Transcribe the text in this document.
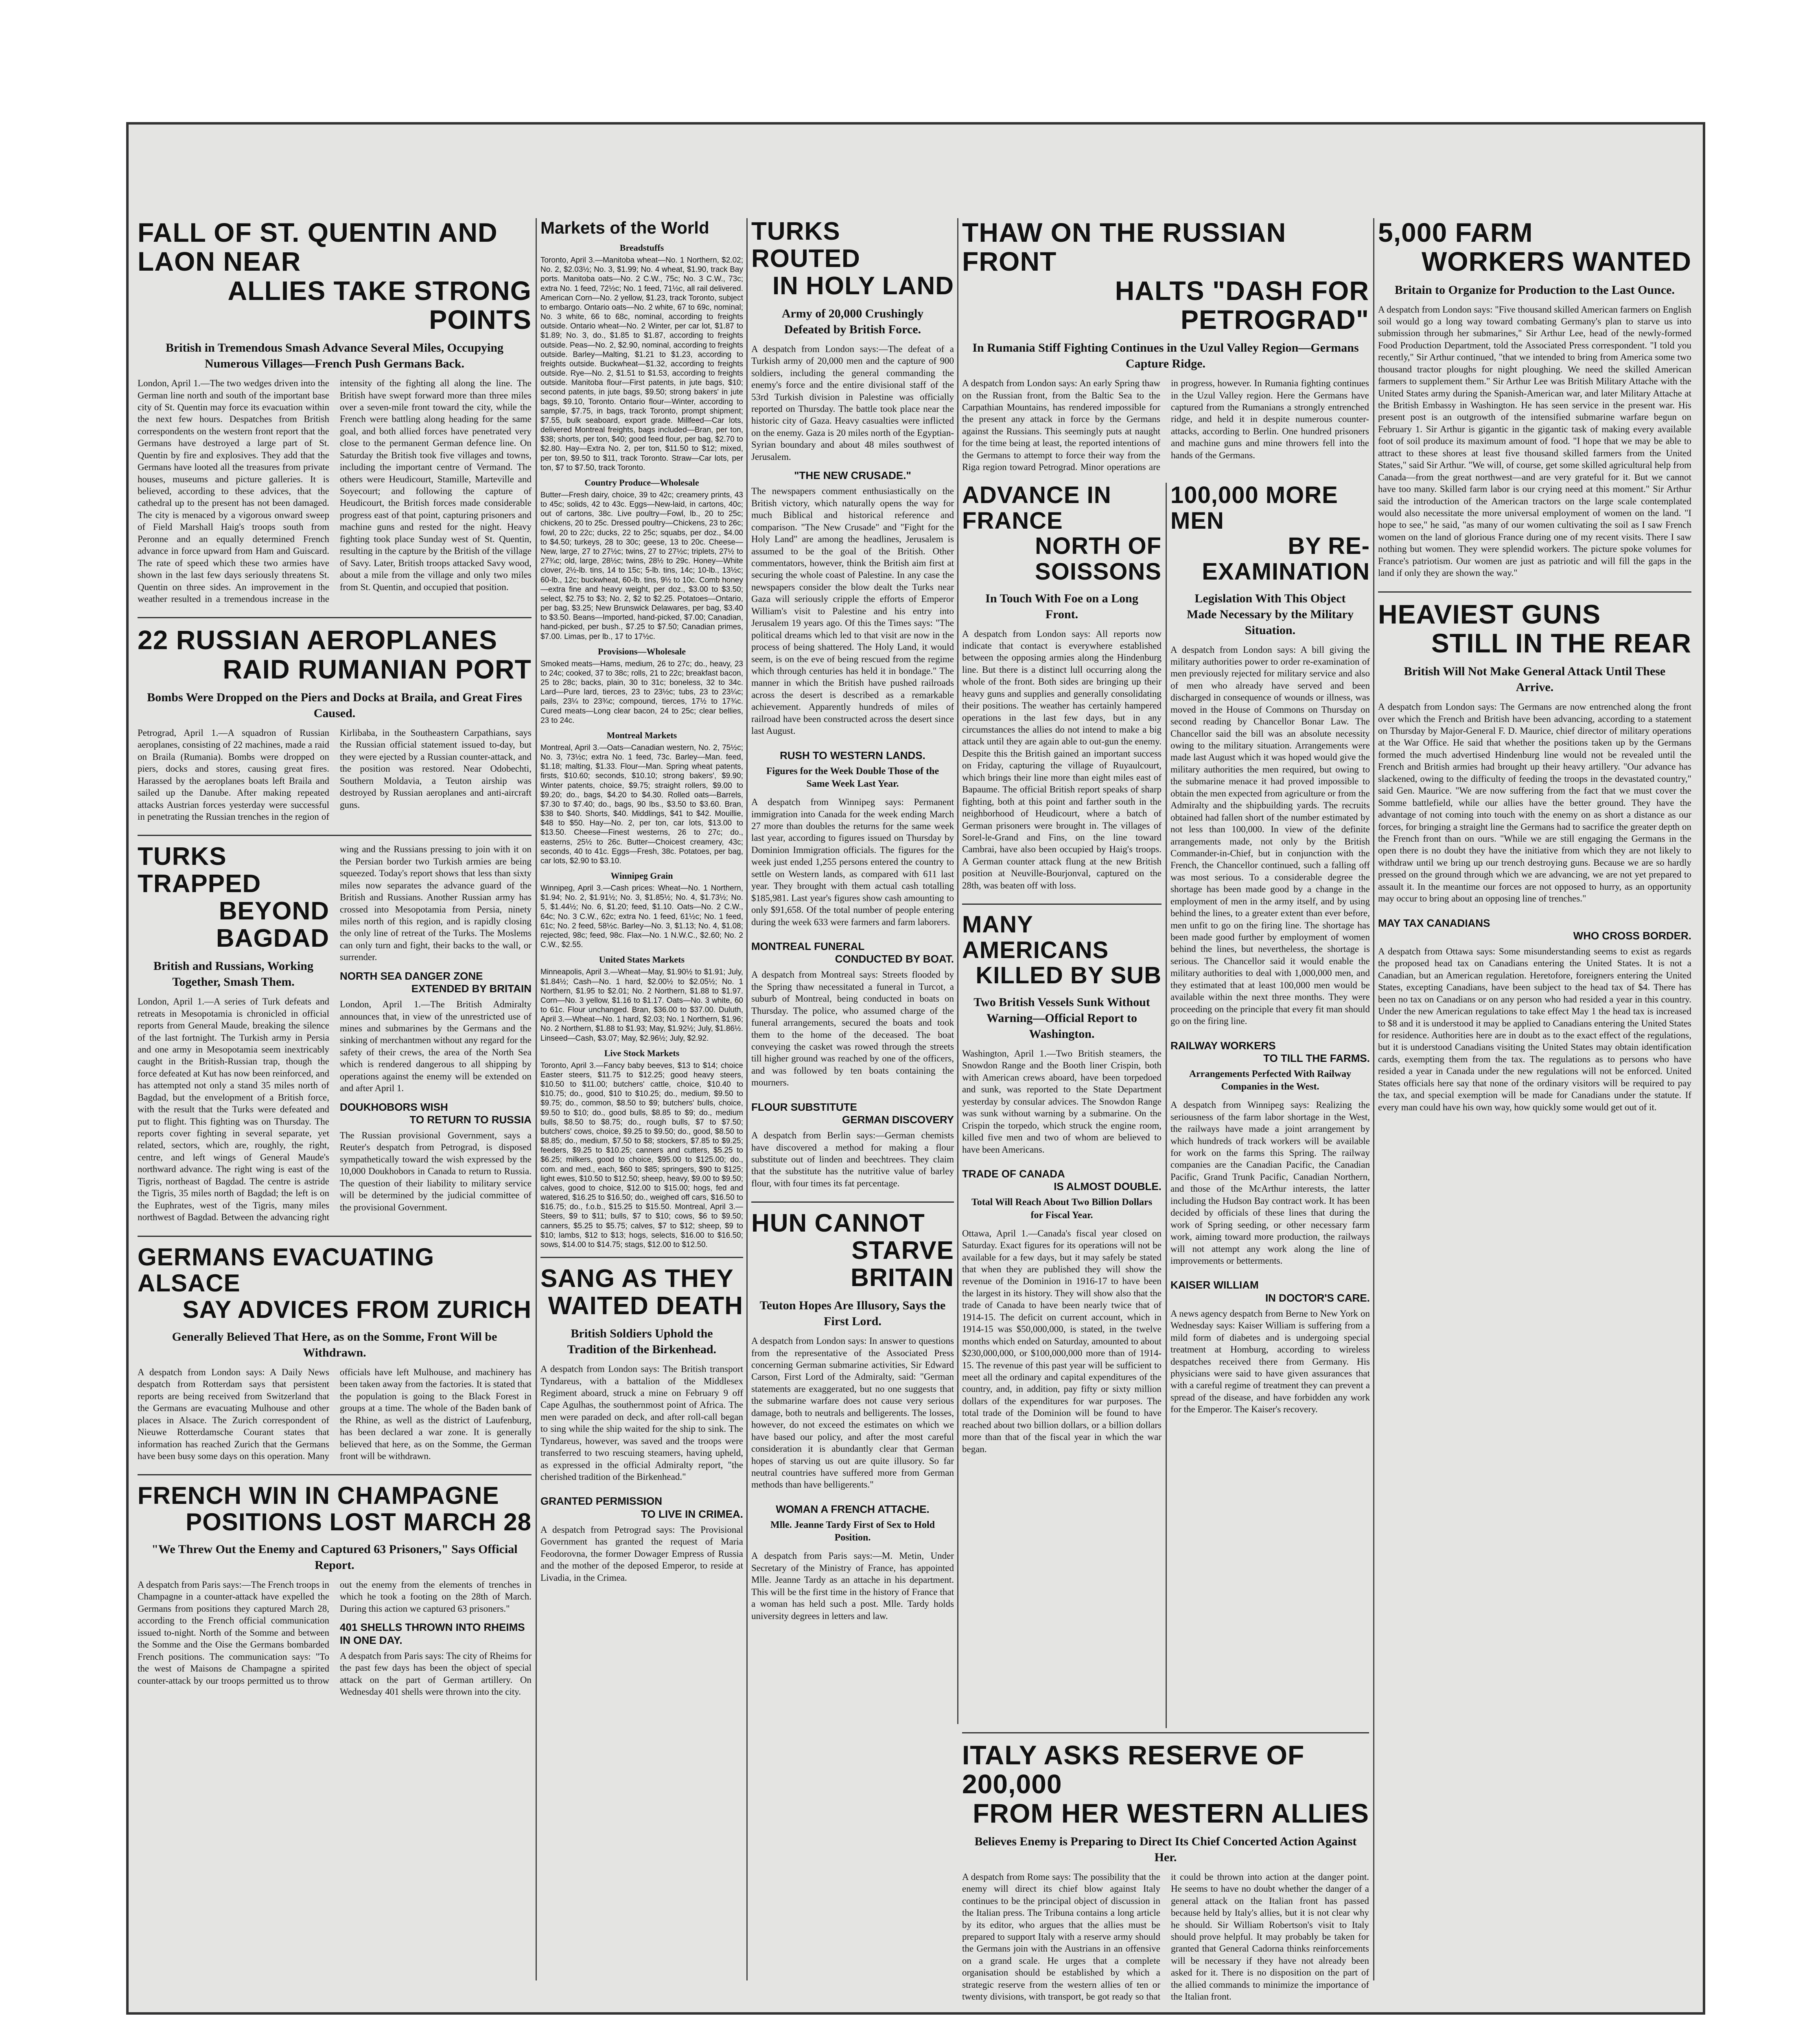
FALL OF ST. QUENTIN AND LAON NEAR
ALLIES TAKE STRONG POINTS
British in Tremendous Smash Advance Several Miles, Occupying Numerous Villages—French Push Germans Back.

London, April 1.—The two wedges driven into the German line north and south of the important base city of St. Quentin may force its evacuation within the next few hours. Despatches from British correspondents on the western front report that the Germans have destroyed a large part of St. Quentin by fire and explosives. They add that the Germans have looted all the treasures from private houses, museums and picture galleries. It is believed, according to these advices, that the cathedral up to the present has not been damaged. The city is menaced by a vigorous onward sweep of Field Marshall Haig's troops south from Peronne and an equally determined French advance in force upward from Ham and Guiscard. The rate of speed which these two armies have shown in the last few days seriously threatens St. Quentin on three sides. An improvement in the weather resulted in a tremendous increase in the intensity of the fighting all along the line. The British have swept forward more than three miles over a seven-mile front toward the city, while the French were battling along heading for the same goal, and both allied forces have penetrated very close to the permanent German defence line. On Saturday the British took five villages and towns, including the important centre of Vermand. The others were Heudicourt, Stamille, Marteville and Soyecourt; and following the capture of Heudicourt, the British forces made considerable progress east of that point, capturing prisoners and machine guns and rested for the night. Heavy fighting took place Sunday west of St. Quentin, resulting in the capture by the British of the village of Savy. Later, British troops attacked Savy wood, about a mile from the village and only two miles from St. Quentin, and occupied that position.

22 RUSSIAN AEROPLANES
RAID RUMANIAN PORT
Bombs Were Dropped on the Piers and Docks at Braila, and Great Fires Caused.

Petrograd, April 1.—A squadron of Russian aeroplanes, consisting of 22 machines, made a raid on Braila (Rumania). Bombs were dropped on piers, docks and stores, causing great fires. Harassed by the aeroplanes boats left Braila and sailed up the Danube. After making repeated attacks Austrian forces yesterday were successful in penetrating the Russian trenches in the region of Kirlibaba, in the Southeastern Carpathians, says the Russian official statement issued to-day, but they were ejected by a Russian counter-attack, and the position was restored. Near Odobechti, Southern Moldavia, a Teuton airship was destroyed by Russian aeroplanes and anti-aircraft guns.

TURKS TRAPPED
BEYOND BAGDAD
British and Russians, Working Together, Smash Them.

London, April 1.—A series of Turk defeats and retreats in Mesopotamia is chronicled in official reports from General Maude, breaking the silence of the last fortnight. The Turkish army in Persia and one army in Mesopotamia seem inextricably caught in the British-Russian trap, though the force defeated at Kut has now been reinforced, and has attempted not only a stand 35 miles north of Bagdad, but the envelopment of a British force, with the result that the Turks were defeated and put to flight. This fighting was on Thursday. The reports cover fighting in several separate, yet related, sectors, which are, roughly, the right, centre, and left wings of General Maude's northward advance. The right wing is east of the Tigris, northeast of Bagdad. The centre is astride the Tigris, 35 miles north of Bagdad; the left is on the Euphrates, west of the Tigris, many miles northwest of Bagdad. Between the advancing right wing and the Russians pressing to join with it on the Persian border two Turkish armies are being squeezed. Today's report shows that less than sixty miles now separates the advance guard of the British and Russians. Another Russian army has crossed into Mesopotamia from Persia, ninety miles north of this region, and is rapidly closing the only line of retreat of the Turks. The Moslems can only turn and fight, their backs to the wall, or surrender.

NORTH SEA DANGER ZONE
EXTENDED BY BRITAIN

London, April 1.—The British Admiralty announces that, in view of the unrestricted use of mines and submarines by the Germans and the sinking of merchantmen without any regard for the safety of their crews, the area of the North Sea which is rendered dangerous to all shipping by operations against the enemy will be extended on and after April 1.

DOUKHOBORS WISH
TO RETURN TO RUSSIA

The Russian provisional Government, says a Reuter's despatch from Petrograd, is disposed sympathetically toward the wish expressed by the 10,000 Doukhobors in Canada to return to Russia. The question of their liability to military service will be determined by the judicial committee of the provisional Government.

GERMANS EVACUATING ALSACE
SAY ADVICES FROM ZURICH
Generally Believed That Here, as on the Somme, Front Will be Withdrawn.

A despatch from London says: A Daily News despatch from Rotterdam says that persistent reports are being received from Switzerland that the Germans are evacuating Mulhouse and other places in Alsace. The Zurich correspondent of Nieuwe Rotterdamsche Courant states that information has reached Zurich that the Germans have been busy some days on this operation. Many officials have left Mulhouse, and machinery has been taken away from the factories. It is stated that the population is going to the Black Forest in groups at a time. The whole of the Baden bank of the Rhine, as well as the district of Laufenburg, has been declared a war zone. It is generally believed that here, as on the Somme, the German front will be withdrawn.

FRENCH WIN IN CHAMPAGNE
POSITIONS LOST MARCH 28
"We Threw Out the Enemy and Captured 63 Prisoners," Says Official Report.

A despatch from Paris says:—The French troops in Champagne in a counter-attack have expelled the Germans from positions they captured March 28, according to the French official communication issued to-night. North of the Somme and between the Somme and the Oise the Germans bombarded French positions. The communication says: "To the west of Maisons de Champagne a spirited counter-attack by our troops permitted us to throw out the enemy from the elements of trenches in which he took a footing on the 28th of March. During this action we captured 63 prisoners."

401 SHELLS THROWN INTO RHEIMS IN ONE DAY.

A despatch from Paris says: The city of Rheims for the past few days has been the object of special attack on the part of German artillery. On Wednesday 401 shells were thrown into the city.

Markets of the World
Breadstuffs

Toronto, April 3.—Manitoba wheat—No. 1 Northern, $2.02; No. 2, $2.03½; No. 3, $1.99; No. 4 wheat, $1.90, track Bay ports. Manitoba oats—No. 2 C.W., 75c; No. 3 C.W., 73c; extra No. 1 feed, 72½c; No. 1 feed, 71½c, all rail delivered. American Corn—No. 2 yellow, $1.23, track Toronto, subject to embargo. Ontario oats—No. 2 white, 67 to 69c, nominal; No. 3 white, 66 to 68c, nominal, according to freights outside. Ontario wheat—No. 2 Winter, per car lot, $1.87 to $1.89; No. 3, do., $1.85 to $1.87, according to freights outside. Peas—No. 2, $2.90, nominal, according to freights outside. Barley—Malting, $1.21 to $1.23, according to freights outside. Buckwheat—$1.32, according to freights outside. Rye—No. 2, $1.51 to $1.53, according to freights outside. Manitoba flour—First patents, in jute bags, $10; second patents, in jute bags, $9.50; strong bakers' in jute bags, $9.10, Toronto. Ontario flour—Winter, according to sample, $7.75, in bags, track Toronto, prompt shipment; $7.55, bulk seaboard, export grade. Millfeed—Car lots, delivered Montreal freights, bags included—Bran, per ton, $38; shorts, per ton, $40; good feed flour, per bag, $2.70 to $2.80. Hay—Extra No. 2, per ton, $11.50 to $12; mixed, per ton, $9.50 to $11, track Toronto. Straw—Car lots, per ton, $7 to $7.50, track Toronto.

Country Produce—Wholesale

Butter—Fresh dairy, choice, 39 to 42c; creamery prints, 43 to 45c; solids, 42 to 43c. Eggs—New-laid, in cartons, 40c; out of cartons, 38c. Live poultry—Fowl, lb., 20 to 25c; chickens, 20 to 25c. Dressed poultry—Chickens, 23 to 26c; fowl, 20 to 22c; ducks, 22 to 25c; squabs, per doz., $4.00 to $4.50; turkeys, 28 to 30c; geese, 13 to 20c. Cheese—New, large, 27 to 27½c; twins, 27 to 27½c; triplets, 27½ to 27¾c; old, large, 28½c; twins, 28½ to 29c. Honey—White clover, 2½-lb. tins, 14 to 15c; 5-lb. tins, 14c; 10-lb., 13½c; 60-lb., 12c; buckwheat, 60-lb. tins, 9½ to 10c. Comb honey—extra fine and heavy weight, per doz., $3.00 to $3.50; select, $2.75 to $3; No. 2, $2 to $2.25. Potatoes—Ontario, per bag, $3.25; New Brunswick Delawares, per bag, $3.40 to $3.50. Beans—Imported, hand-picked, $7.00; Canadian, hand-picked, per bush., $7.25 to $7.50; Canadian primes, $7.00. Limas, per lb., 17 to 17½c.

Provisions—Wholesale

Smoked meats—Hams, medium, 26 to 27c; do., heavy, 23 to 24c; cooked, 37 to 38c; rolls, 21 to 22c; breakfast bacon, 25 to 28c; backs, plain, 30 to 31c; boneless, 32 to 34c. Lard—Pure lard, tierces, 23 to 23½c; tubs, 23 to 23¼c; pails, 23¼ to 23¾c; compound, tierces, 17½ to 17¾c. Cured meats—Long clear bacon, 24 to 25c; clear bellies, 23 to 24c.

Montreal Markets

Montreal, April 3.—Oats—Canadian western, No. 2, 75½c; No. 3, 73½c; extra No. 1 feed, 73c. Barley—Man. feed, $1.18; malting, $1.33. Flour—Man. Spring wheat patents, firsts, $10.60; seconds, $10.10; strong bakers', $9.90; Winter patents, choice, $9.75; straight rollers, $9.00 to $9.20; do., bags, $4.20 to $4.30. Rolled oats—Barrels, $7.30 to $7.40; do., bags, 90 lbs., $3.50 to $3.60. Bran, $38 to $40. Shorts, $40. Middlings, $41 to $42. Mouillie, $48 to $50. Hay—No. 2, per ton, car lots, $13.00 to $13.50. Cheese—Finest westerns, 26 to 27c; do., easterns, 25½ to 26c. Butter—Choicest creamery, 43c; seconds, 40 to 41c. Eggs—Fresh, 38c. Potatoes, per bag, car lots, $2.90 to $3.10.

Winnipeg Grain

Winnipeg, April 3.—Cash prices: Wheat—No. 1 Northern, $1.94; No. 2, $1.91½; No. 3, $1.85½; No. 4, $1.73½; No. 5, $1.44½; No. 6, $1.20; feed, $1.10. Oats—No. 2 C.W., 64c; No. 3 C.W., 62c; extra No. 1 feed, 61½c; No. 1 feed, 61c; No. 2 feed, 58½c. Barley—No. 3, $1.13; No. 4, $1.08; rejected, 98c; feed, 98c. Flax—No. 1 N.W.C., $2.60; No. 2 C.W., $2.55.

United States Markets

Minneapolis, April 3.—Wheat—May, $1.90½ to $1.91; July, $1.84½; Cash—No. 1 hard, $2.00½ to $2.05½; No. 1 Northern, $1.95 to $2.01; No. 2 Northern, $1.88 to $1.97. Corn—No. 3 yellow, $1.16 to $1.17. Oats—No. 3 white, 60 to 61c. Flour unchanged. Bran, $36.00 to $37.00. Duluth, April 3.—Wheat—No. 1 hard, $2.03; No. 1 Northern, $1.96; No. 2 Northern, $1.88 to $1.93; May, $1.92½; July, $1.86½. Linseed—Cash, $3.07; May, $2.96½; July, $2.92.

Live Stock Markets

Toronto, April 3.—Fancy baby beeves, $13 to $14; choice Easter steers, $11.75 to $12.25; good heavy steers, $10.50 to $11.00; butchers' cattle, choice, $10.40 to $10.75; do., good, $10 to $10.25; do., medium, $9.50 to $9.75; do., common, $8.50 to $9; butchers' bulls, choice, $9.50 to $10; do., good bulls, $8.85 to $9; do., medium bulls, $8.50 to $8.75; do., rough bulls, $7 to $7.50; butchers' cows, choice, $9.25 to $9.50; do., good, $8.50 to $8.85; do., medium, $7.50 to $8; stockers, $7.85 to $9.25; feeders, $9.25 to $10.25; canners and cutters, $5.25 to $6.25; milkers, good to choice, $95.00 to $125.00; do., com. and med., each, $60 to $85; springers, $90 to $125; light ewes, $10.50 to $12.50; sheep, heavy, $9.00 to $9.50; calves, good to choice, $12.00 to $15.00; hogs, fed and watered, $16.25 to $16.50; do., weighed off cars, $16.50 to $16.75; do., f.o.b., $15.25 to $15.50. Montreal, April 3.—Steers, $9 to $11; bulls, $7 to $10; cows, $6 to $9.50; canners, $5.25 to $5.75; calves, $7 to $12; sheep, $9 to $10; lambs, $12 to $13; hogs, selects, $16.00 to $16.50; sows, $14.00 to $14.75; stags, $12.00 to $12.50.

SANG AS THEY
WAITED DEATH
British Soldiers Uphold the Tradition of the Birkenhead.

A despatch from London says: The British transport Tyndareus, with a battalion of the Middlesex Regiment aboard, struck a mine on February 9 off Cape Agulhas, the southernmost point of Africa. The men were paraded on deck, and after roll-call began to sing while the ship waited for the ship to sink. The Tyndareus, however, was saved and the troops were transferred to two rescuing steamers, having upheld, as expressed in the official Admiralty report, "the cherished tradition of the Birkenhead."

GRANTED PERMISSION
TO LIVE IN CRIMEA.

A despatch from Petrograd says: The Provisional Government has granted the request of Maria Feodorovna, the former Dowager Empress of Russia and the mother of the deposed Emperor, to reside at Livadia, in the Crimea.

TURKS ROUTED
IN HOLY LAND
Army of 20,000 Crushingly Defeated by British Force.

A despatch from London says:—The defeat of a Turkish army of 20,000 men and the capture of 900 soldiers, including the general commanding the enemy's force and the entire divisional staff of the 53rd Turkish division in Palestine was officially reported on Thursday. The battle took place near the historic city of Gaza. Heavy casualties were inflicted on the enemy. Gaza is 20 miles north of the Egyptian-Syrian boundary and about 48 miles southwest of Jerusalem.

"THE NEW CRUSADE."

The newspapers comment enthusiastically on the British victory, which naturally opens the way for much Biblical and historical reference and comparison. "The New Crusade" and "Fight for the Holy Land" are among the headlines, Jerusalem is assumed to be the goal of the British. Other commentators, however, think the British aim first at securing the whole coast of Palestine. In any case the newspapers consider the blow dealt the Turks near Gaza will seriously cripple the efforts of Emperor William's visit to Palestine and his entry into Jerusalem 19 years ago. Of this the Times says: "The political dreams which led to that visit are now in the process of being shattered. The Holy Land, it would seem, is on the eve of being rescued from the regime which through centuries has held it in bondage." The manner in which the British have pushed railroads across the desert is described as a remarkable achievement. Apparently hundreds of miles of railroad have been constructed across the desert since last August.

RUSH TO WESTERN LANDS.
Figures for the Week Double Those of the Same Week Last Year.

A despatch from Winnipeg says: Permanent immigration into Canada for the week ending March 27 more than doubles the returns for the same week last year, according to figures issued on Thursday by Dominion Immigration officials. The figures for the week just ended 1,255 persons entered the country to settle on Western lands, as compared with 611 last year. They brought with them actual cash totalling $185,981. Last year's figures show cash amounting to only $91,658. Of the total number of people entering during the week 633 were farmers and farm laborers.

MONTREAL FUNERAL
CONDUCTED BY BOAT.

A despatch from Montreal says: Streets flooded by the Spring thaw necessitated a funeral in Turcot, a suburb of Montreal, being conducted in boats on Thursday. The police, who assumed charge of the funeral arrangements, secured the boats and took them to the home of the deceased. The boat conveying the casket was rowed through the streets till higher ground was reached by one of the officers, and was followed by ten boats containing the mourners.

FLOUR SUBSTITUTE
GERMAN DISCOVERY

A despatch from Berlin says:—German chemists have discovered a method for making a flour substitute out of linden and beechtrees. They claim that the substitute has the nutritive value of barley flour, with four times its fat percentage.

HUN CANNOT
STARVE BRITAIN
Teuton Hopes Are Illusory, Says the First Lord.

A despatch from London says: In answer to questions from the representative of the Associated Press concerning German submarine activities, Sir Edward Carson, First Lord of the Admiralty, said: "German statements are exaggerated, but no one suggests that the submarine warfare does not cause very serious damage, both to neutrals and belligerents. The losses, however, do not exceed the estimates on which we have based our policy, and after the most careful consideration it is abundantly clear that German hopes of starving us out are quite illusory. So far neutral countries have suffered more from German methods than have belligerents."

WOMAN A FRENCH ATTACHE.
Mlle. Jeanne Tardy First of Sex to Hold Position.

A despatch from Paris says:—M. Metin, Under Secretary of the Ministry of France, has appointed Mlle. Jeanne Tardy as an attache in his department. This will be the first time in the history of France that a woman has held such a post. Mlle. Tardy holds university degrees in letters and law.

THAW ON THE RUSSIAN FRONT
HALTS "DASH FOR PETROGRAD"
In Rumania Stiff Fighting Continues in the Uzul Valley Region—Germans Capture Ridge.

A despatch from London says: An early Spring thaw on the Russian front, from the Baltic Sea to the Carpathian Mountains, has rendered impossible for the present any attack in force by the Germans against the Russians. This seemingly puts at naught for the time being at least, the reported intentions of the Germans to attempt to force their way from the Riga region toward Petrograd. Minor operations are in progress, however. In Rumania fighting continues in the Uzul Valley region. Here the Germans have captured from the Rumanians a strongly entrenched ridge, and held it in despite numerous counter-attacks, according to Berlin. One hundred prisoners and machine guns and mine throwers fell into the hands of the Germans.

ADVANCE IN FRANCE
NORTH OF SOISSONS
In Touch With Foe on a Long Front.

A despatch from London says: All reports now indicate that contact is everywhere established between the opposing armies along the Hindenburg line. But there is a distinct lull occurring along the whole of the front. Both sides are bringing up their heavy guns and supplies and generally consolidating their positions. The weather has certainly hampered operations in the last few days, but in any circumstances the allies do not intend to make a big attack until they are again able to out-gun the enemy. Despite this the British gained an important success on Friday, capturing the village of Ruyaulcourt, which brings their line more than eight miles east of Bapaume. The official British report speaks of sharp fighting, both at this point and farther south in the neighborhood of Heudicourt, where a batch of German prisoners were brought in. The villages of Sorel-le-Grand and Fins, on the line toward Cambrai, have also been occupied by Haig's troops. A German counter attack flung at the new British position at Neuville-Bourjonval, captured on the 28th, was beaten off with loss.

MANY AMERICANS
KILLED BY SUB
Two British Vessels Sunk Without Warning—Official Report to Washington.

Washington, April 1.—Two British steamers, the Snowdon Range and the Booth liner Crispin, both with American crews aboard, have been torpedoed and sunk, was reported to the State Department yesterday by consular advices. The Snowdon Range was sunk without warning by a submarine. On the Crispin the torpedo, which struck the engine room, killed five men and two of whom are believed to have been Americans.

TRADE OF CANADA
IS ALMOST DOUBLE.
Total Will Reach About Two Billion Dollars for Fiscal Year.

Ottawa, April 1.—Canada's fiscal year closed on Saturday. Exact figures for its operations will not be available for a few days, but it may safely be stated that when they are published they will show the revenue of the Dominion in 1916-17 to have been the largest in its history. They will show also that the trade of Canada to have been nearly twice that of 1914-15. The deficit on current account, which in 1914-15 was $50,000,000, is stated, in the twelve months which ended on Saturday, amounted to about $230,000,000, or $100,000,000 more than of 1914-15. The revenue of this past year will be sufficient to meet all the ordinary and capital expenditures of the country, and, in addition, pay fifty or sixty million dollars of the expenditures for war purposes. The total trade of the Dominion will be found to have reached about two billion dollars, or a billion dollars more than that of the fiscal year in which the war began.

100,000 MORE MEN
BY RE-EXAMINATION
Legislation With This Object Made Necessary by the Military Situation.

A despatch from London says: A bill giving the military authorities power to order re-examination of men previously rejected for military service and also of men who already have served and been discharged in consequence of wounds or illness, was moved in the House of Commons on Thursday on second reading by Chancellor Bonar Law. The Chancellor said the bill was an absolute necessity owing to the military situation. Arrangements were made last August which it was hoped would give the military authorities the men required, but owing to the submarine menace it had proved impossible to obtain the men expected from agriculture or from the Admiralty and the shipbuilding yards. The recruits obtained had fallen short of the number estimated by not less than 100,000. In view of the definite arrangements made, not only by the British Commander-in-Chief, but in conjunction with the French, the Chancellor continued, such a falling off was most serious. To a considerable degree the shortage has been made good by a change in the employment of men in the army itself, and by using behind the lines, to a greater extent than ever before, men unfit to go on the firing line. The shortage has been made good further by employment of women behind the lines, but nevertheless, the shortage is serious. The Chancellor said it would enable the military authorities to deal with 1,000,000 men, and they estimated that at least 100,000 men would be available within the next three months. They were proceeding on the principle that every fit man should go on the firing line.

RAILWAY WORKERS
TO TILL THE FARMS.
Arrangements Perfected With Railway Companies in the West.

A despatch from Winnipeg says: Realizing the seriousness of the farm labor shortage in the West, the railways have made a joint arrangement by which hundreds of track workers will be available for work on the farms this Spring. The railway companies are the Canadian Pacific, the Canadian Pacific, Grand Trunk Pacific, Canadian Northern, and those of the McArthur interests, the latter including the Hudson Bay contract work. It has been decided by officials of these lines that during the work of Spring seeding, or other necessary farm work, aiming toward more production, the railways will not attempt any work along the line of improvements or betterments.

KAISER WILLIAM
IN DOCTOR'S CARE.

A news agency despatch from Berne to New York on Wednesday says: Kaiser William is suffering from a mild form of diabetes and is undergoing special treatment at Homburg, according to wireless despatches received there from Germany. His physicians were said to have given assurances that with a careful regime of treatment they can prevent a spread of the disease, and have forbidden any work for the Emperor. The Kaiser's recovery.

ITALY ASKS RESERVE OF 200,000
FROM HER WESTERN ALLIES
Believes Enemy is Preparing to Direct Its Chief Concerted Action Against Her.

A despatch from Rome says: The possibility that the enemy will direct its chief blow against Italy continues to be the principal object of discussion in the Italian press. The Tribuna contains a long article by its editor, who argues that the allies must be prepared to support Italy with a reserve army should the Germans join with the Austrians in an offensive on a grand scale. He urges that a complete organisation should be established by which a strategic reserve from the western allies of ten or twenty divisions, with transport, be got ready so that it could be thrown into action at the danger point. He seems to have no doubt whether the danger of a general attack on the Italian front has passed because held by Italy's allies, but it is not clear why he should. Sir William Robertson's visit to Italy should prove helpful. It may probably be taken for granted that General Cadorna thinks reinforcements will be necessary if they have not already been asked for it. There is no disposition on the part of the allied commands to minimize the importance of the Italian front.

5,000 FARM
WORKERS WANTED
Britain to Organize for Production to the Last Ounce.

A despatch from London says: "Five thousand skilled American farmers on English soil would go a long way toward combating Germany's plan to starve us into submission through her submarines," Sir Arthur Lee, head of the newly-formed Food Production Department, told the Associated Press correspondent. "I told you recently," Sir Arthur continued, "that we intended to bring from America some two thousand tractor ploughs for night ploughing. We need the skilled American farmers to supplement them." Sir Arthur Lee was British Military Attache with the United States army during the Spanish-American war, and later Military Attache at the British Embassy in Washington. He has seen service in the present war. His present post is an outgrowth of the intensified submarine warfare begun on February 1. Sir Arthur is gigantic in the gigantic task of making every available foot of soil produce its maximum amount of food. "I hope that we may be able to attract to these shores at least five thousand skilled farmers from the United States," said Sir Arthur. "We will, of course, get some skilled agricultural help from Canada—from the great northwest—and are very grateful for it. But we cannot have too many. Skilled farm labor is our crying need at this moment." Sir Arthur said the introduction of the American tractors on the large scale contemplated would also necessitate the more universal employment of women on the land. "I hope to see," he said, "as many of our women cultivating the soil as I saw French women on the land of glorious France during one of my recent visits. There I saw nothing but women. They were splendid workers. The picture spoke volumes for France's patriotism. Our women are just as patriotic and will fill the gaps in the land if only they are shown the way."

HEAVIEST GUNS
STILL IN THE REAR
British Will Not Make General Attack Until These Arrive.

A despatch from London says: The Germans are now entrenched along the front over which the French and British have been advancing, according to a statement on Thursday by Major-General F. D. Maurice, chief director of military operations at the War Office. He said that whether the positions taken up by the Germans formed the much advertised Hindenburg line would not be revealed until the French and British armies had brought up their heavy artillery. "Our advance has slackened, owing to the difficulty of feeding the troops in the devastated country," said Gen. Maurice. "We are now suffering from the fact that we must cover the Somme battlefield, while our allies have the better ground. They have the advantage of not coming into touch with the enemy on as short a distance as our forces, for bringing a straight line the Germans had to sacrifice the greater depth on the French front than on ours. "While we are still engaging the Germans in the open there is no doubt they have the initiative from which they are not likely to withdraw until we bring up our trench destroying guns. Because we are so hardly pressed on the ground through which we are advancing, we are not yet prepared to assault it. In the meantime our forces are not opposed to hurry, as an opportunity may occur to bring about an opposing line of trenches."

MAY TAX CANADIANS
WHO CROSS BORDER.

A despatch from Ottawa says: Some misunderstanding seems to exist as regards the proposed head tax on Canadians entering the United States. It is not a Canadian, but an American regulation. Heretofore, foreigners entering the United States, excepting Canadians, have been subject to the head tax of $4. There has been no tax on Canadians or on any person who had resided a year in this country. Under the new American regulations to take effect May 1 the head tax is increased to $8 and it is understood it may be applied to Canadians entering the United States for residence. Authorities here are in doubt as to the exact effect of the regulations, but it is understood Canadians visiting the United States may obtain identification cards, exempting them from the tax. The regulations as to persons who have resided a year in Canada under the new regulations will not be enforced. United States officials here say that none of the ordinary visitors will be required to pay the tax, and special exemption will be made for Canadians under the statute. If every man could have his own way, how quickly some would get out of it.
